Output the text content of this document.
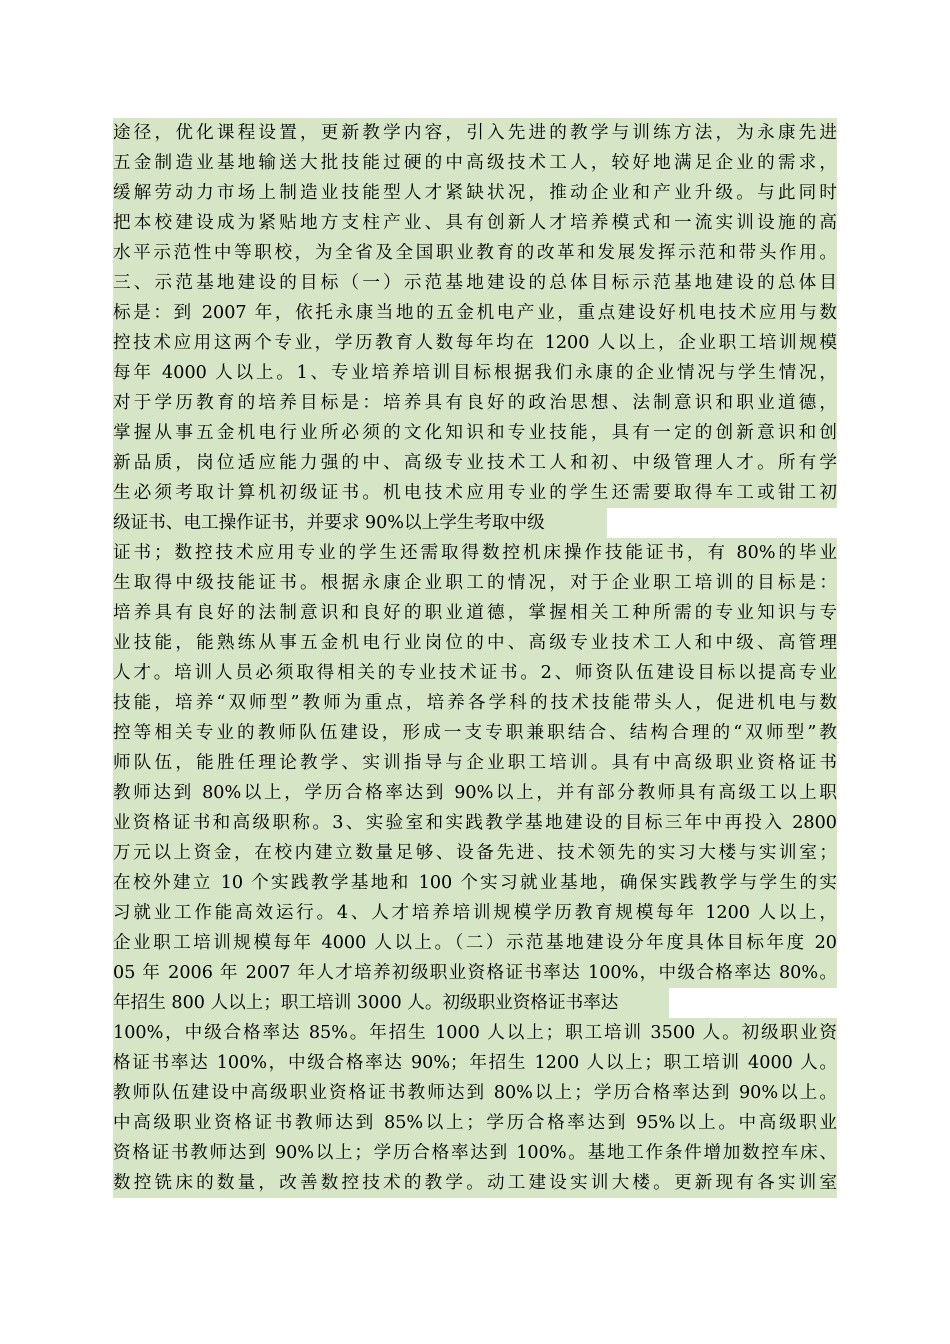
途径，优化课程设置，更新教学内容，引入先进的教学与训练方法，为永康先进
五金制造业基地输送大批技能过硬的中高级技术工人，较好地满足企业的需求，
缓解劳动力市场上制造业技能型人才紧缺状况，推动企业和产业升级。与此同时
把本校建设成为紧贴地方支柱产业、具有创新人才培养模式和一流实训设施的高
水平示范性中等职校，为全省及全国职业教育的改革和发展发挥示范和带头作用。
三、示范基地建设的目标（一）示范基地建设的总体目标示范基地建设的总体目
标是：到 2007 年，依托永康当地的五金机电产业，重点建设好机电技术应用与数
控技术应用这两个专业，学历教育人数每年均在 1200 人以上，企业职工培训规模
每年 4000 人以上。1、专业培养培训目标根据我们永康的企业情况与学生情况，
对于学历教育的培养目标是：培养具有良好的政治思想、法制意识和职业道德，
掌握从事五金机电行业所必须的文化知识和专业技能，具有一定的创新意识和创
新品质，岗位适应能力强的中、高级专业技术工人和初、中级管理人才。所有学
生必须考取计算机初级证书。机电技术应用专业的学生还需要取得车工或钳工初
级证书、电工操作证书，并要求 90%以上学生考取中级
证书；数控技术应用专业的学生还需取得数控机床操作技能证书，有 80%的毕业
生取得中级技能证书。根据永康企业职工的情况，对于企业职工培训的目标是：
培养具有良好的法制意识和良好的职业道德，掌握相关工种所需的专业知识与专
业技能，能熟练从事五金机电行业岗位的中、高级专业技术工人和中级、高管理
人才。培训人员必须取得相关的专业技术证书。2、师资队伍建设目标以提高专业
技能，培养“双师型”教师为重点，培养各学科的技术技能带头人，促进机电与数
控等相关专业的教师队伍建设，形成一支专职兼职结合、结构合理的“双师型”教
师队伍，能胜任理论教学、实训指导与企业职工培训。具有中高级职业资格证书
教师达到 80%以上，学历合格率达到 90%以上，并有部分教师具有高级工以上职
业资格证书和高级职称。3、实验室和实践教学基地建设的目标三年中再投入 2800
万元以上资金，在校内建立数量足够、设备先进、技术领先的实习大楼与实训室；
在校外建立 10 个实践教学基地和 100 个实习就业基地，确保实践教学与学生的实
习就业工作能高效运行。4、人才培养培训规模学历教育规模每年 1200 人以上，
企业职工培训规模每年 4000 人以上。（二）示范基地建设分年度具体目标年度 20
05 年 2006 年 2007 年人才培养初级职业资格证书率达 100%，中级合格率达 80%。
年招生 800 人以上；职工培训 3000 人。初级职业资格证书率达
100%，中级合格率达 85%。年招生 1000 人以上；职工培训 3500 人。初级职业资
格证书率达 100%，中级合格率达 90%；年招生 1200 人以上；职工培训 4000 人。
教师队伍建设中高级职业资格证书教师达到 80%以上；学历合格率达到 90%以上。
中高级职业资格证书教师达到 85%以上；学历合格率达到 95%以上。中高级职业
资格证书教师达到 90%以上；学历合格率达到 100%。基地工作条件增加数控车床、
数控铣床的数量，改善数控技术的教学。动工建设实训大楼。更新现有各实训室
